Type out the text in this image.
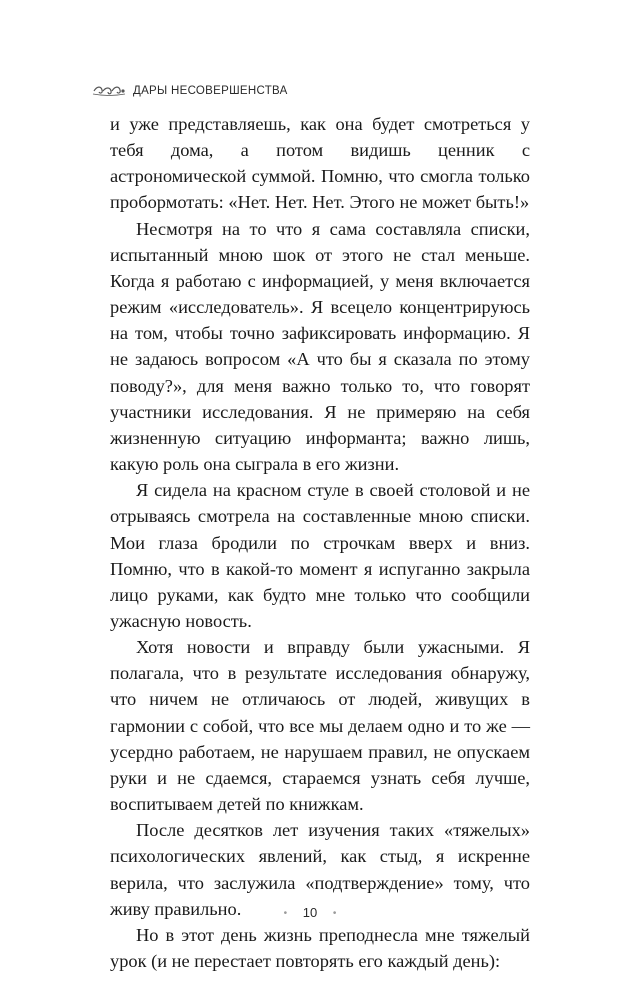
ДАРЫ НЕСОВЕРШЕНСТВА

и уже представляешь, как она будет смотреться у тебя дома, а потом видишь ценник с астрономической суммой. Помню, что смогла только пробормотать: «Нет. Нет. Нет. Этого не может быть!»

Несмотря на то что я сама составляла списки, испытанный мною шок от этого не стал меньше. Когда я работаю с информацией, у меня включается режим «исследователь». Я всецело концентрируюсь на том, чтобы точно зафиксировать информацию. Я не задаюсь вопросом «А что бы я сказала по этому поводу?», для меня важно только то, что говорят участники исследования. Я не примеряю на себя жизненную ситуацию информанта; важно лишь, какую роль она сыграла в его жизни.

Я сидела на красном стуле в своей столовой и не отрываясь смотрела на составленные мною списки. Мои глаза бродили по строчкам вверх и вниз. Помню, что в какой-то момент я испуганно закрыла лицо руками, как будто мне только что сообщили ужасную новость.

Хотя новости и вправду были ужасными. Я полагала, что в результате исследования обнаружу, что ничем не отличаюсь от людей, живущих в гармонии с собой, что все мы делаем одно и то же — усердно работаем, не нарушаем правил, не опускаем руки и не сдаемся, стараемся узнать себя лучше, воспитываем детей по книжкам.

После десятков лет изучения таких «тяжелых» психологических явлений, как стыд, я искренне верила, что заслужила «подтверждение» тому, что живу правильно.

Но в этот день жизнь преподнесла мне тяжелый урок (и не перестает повторять его каждый день):

• 10 •
